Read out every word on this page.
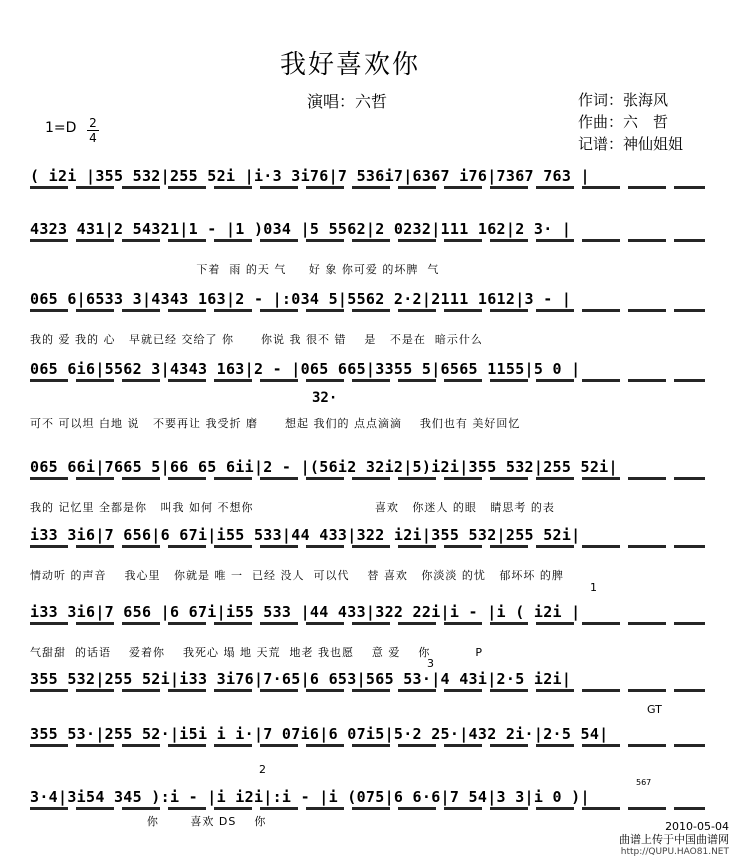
我好喜欢你
演唱：六哲
1=D 2
4
作词：张海风
作曲：六　哲
记谱：神仙姐姐
( i2i |355 532|255 52i |i·3 3i76|7 536i7|6367 i76|7367 763 |
4323 431|2 54321|1 - |1 )034 |5 5562|2 0232|111 162|2 3· |
下着  雨 的天 气     好 象 你可爱 的坏脾  气
065 6|6533 3|4343 163|2 - |:034 5|5562 2·2|2111 1612|3 - |
我的 爱 我的 心   早就已经 交给了 你      你说 我 很不 错    是   不是在  暗示什么
065 6i6|5562 3|4343 163|2 - |065 665|3355 5|6565 1155|5 0 |
可不 可以坦 白地 说   不要再让 我受折 磨      想起 我们的 点点滴滴    我们也有 美好回忆
32·
065 66i|7665 5|66 65 6ii|2 - |(56i2 32i2|5)i2i|355 532|255 52i|
我的 记忆里 全都是你   叫我 如何 不想你                           喜欢   你迷人 的眼   睛思考 的表
i33 3i6|7 656|6 67i|i55 533|44 433|322 i2i|355 532|255 52i|
情动听 的声音    我心里   你就是 唯 一  已经 没人  可以代    替 喜欢   你淡淡 的忧   郁坏坏 的脾
1
i33 3i6|7 656 |6 67i|i55 533 |44 433|322 22i|i - |i ( i2i |
气甜甜  的话语    爱着你    我死心 塌 地 天荒  地老 我也愿    意 爱    你          P
3
355 532|255 52i|i33 3i76|7·65|6 653|565 53·|4 43i|2·5 i2i|
GT
355 53·|255 52·|i5i i i·|7 07i6|6 07i5|5·2 25·|432 2i·|2·5 54|
2
567
3·4|3i54 345 ):i - |i i2i|:i - |i (075|6 6·6|7 54|3 3|i 0 )|
你       喜欢 DS    你	2010-05-04
曲谱上传于中国曲谱网
http://QUPU.HAO81.NET
